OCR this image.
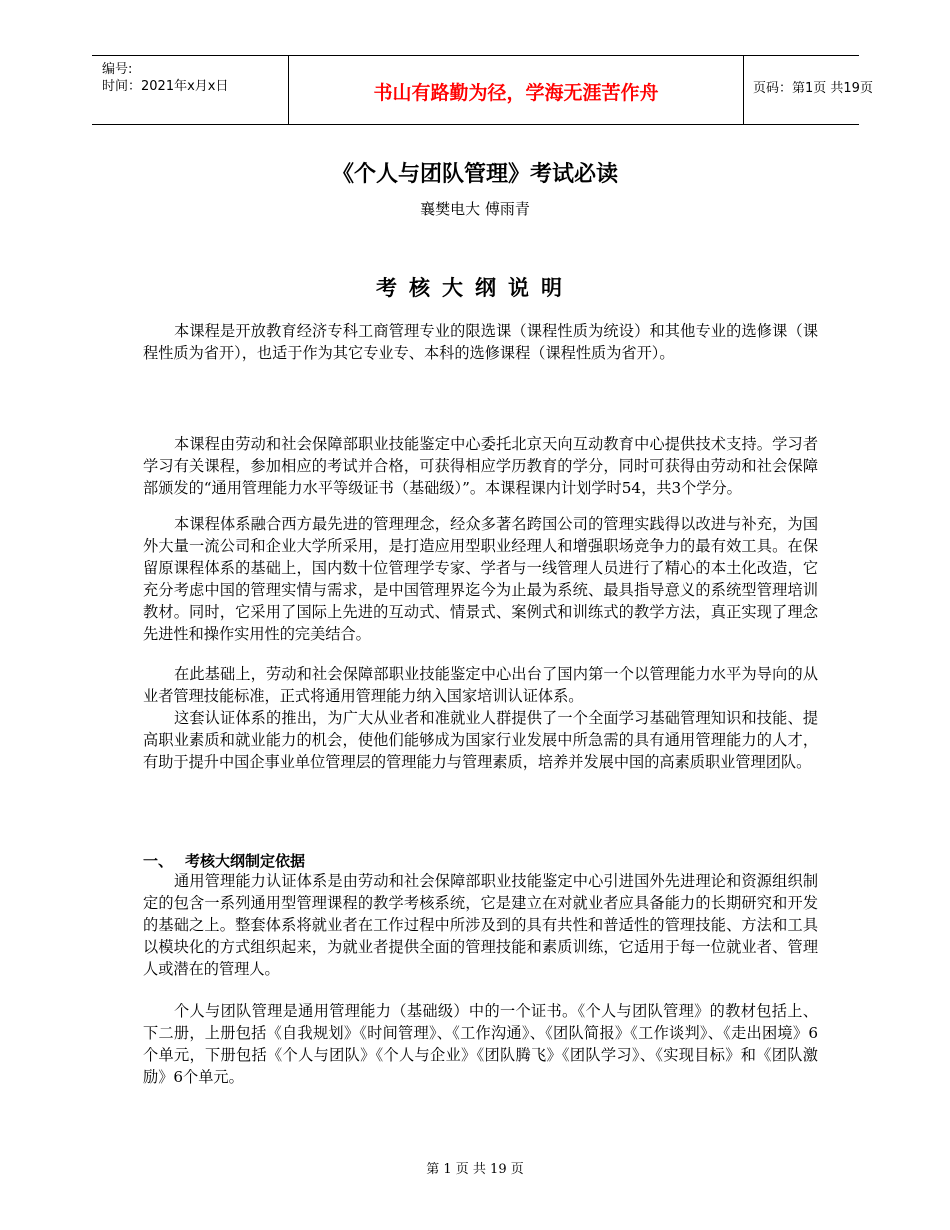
编号:
时间：2021年x月x日	书山有路勤为径，学海无涯苦作舟	页码：第1页 共19页
《个人与团队管理》考试必读
襄樊电大 傅雨青
考核大纲说明

本课程是开放教育经济专科工商管理专业的限选课（课程性质为统设）和其他专业的选修课（课程性质为省开），也适于作为其它专业专、本科的选修课程（课程性质为省开）。

本课程由劳动和社会保障部职业技能鉴定中心委托北京天向互动教育中心提供技术支持。学习者学习有关课程，参加相应的考试并合格，可获得相应学历教育的学分，同时可获得由劳动和社会保障部颁发的“通用管理能力水平等级证书（基础级）”。本课程课内计划学时54，共3个学分。

本课程体系融合西方最先进的管理理念，经众多著名跨国公司的管理实践得以改进与补充，为国外大量一流公司和企业大学所采用，是打造应用型职业经理人和增强职场竞争力的最有效工具。在保留原课程体系的基础上，国内数十位管理学专家、学者与一线管理人员进行了精心的本土化改造，它充分考虑中国的管理实情与需求，是中国管理界迄今为止最为系统、最具指导意义的系统型管理培训教材。同时，它采用了国际上先进的互动式、情景式、案例式和训练式的教学方法，真正实现了理念先进性和操作实用性的完美结合。

在此基础上，劳动和社会保障部职业技能鉴定中心出台了国内第一个以管理能力水平为导向的从业者管理技能标准，正式将通用管理能力纳入国家培训认证体系。

这套认证体系的推出，为广大从业者和准就业人群提供了一个全面学习基础管理知识和技能、提高职业素质和就业能力的机会，使他们能够成为国家行业发展中所急需的具有通用管理能力的人才，有助于提升中国企事业单位管理层的管理能力与管理素质，培养并发展中国的高素质职业管理团队。

一、 考核大纲制定依据

通用管理能力认证体系是由劳动和社会保障部职业技能鉴定中心引进国外先进理论和资源组织制定的包含一系列通用型管理课程的教学考核系统，它是建立在对就业者应具备能力的长期研究和开发的基础之上。整套体系将就业者在工作过程中所涉及到的具有共性和普适性的管理技能、方法和工具以模块化的方式组织起来，为就业者提供全面的管理技能和素质训练，它适用于每一位就业者、管理人或潜在的管理人。

个人与团队管理是通用管理能力（基础级）中的一个证书。《个人与团队管理》的教材包括上、下二册，上册包括《自我规划》《时间管理》、《工作沟通》、《团队简报》《工作谈判》、《走出困境》6个单元，下册包括《个人与团队》《个人与企业》《团队腾飞》《团队学习》、《实现目标》和《团队激励》6个单元。

第 1 页 共 19 页
